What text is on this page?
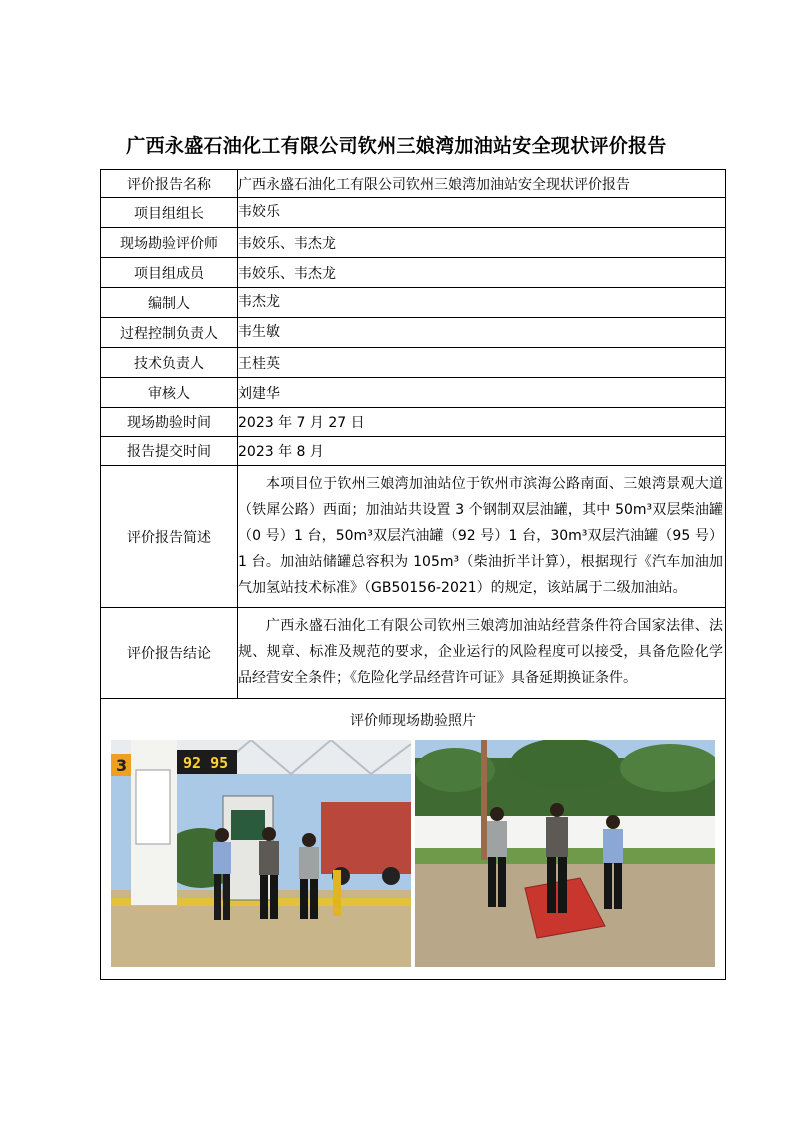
广西永盛石油化工有限公司钦州三娘湾加油站安全现状评价报告
评价报告名称	广西永盛石油化工有限公司钦州三娘湾加油站安全现状评价报告
项目组组长	韦姣乐
现场勘验评价师	韦姣乐、韦杰龙
项目组成员	韦姣乐、韦杰龙
编制人	韦杰龙
过程控制负责人	韦生敏
技术负责人	王桂英
审核人	刘建华
现场勘验时间	2023 年 7 月 27 日
报告提交时间	2023 年 8 月
评价报告简述	本项目位于钦州三娘湾加油站位于钦州市滨海公路南面、三娘湾景观大道（铁犀公路）西面；加油站共设置 3 个钢制双层油罐，其中 50m³双层柴油罐（0 号）1 台，50m³双层汽油罐（92 号）1 台，30m³双层汽油罐（95 号）1 台。加油站储罐总容积为 105m³（柴油折半计算），根据现行《汽车加油加气加氢站技术标准》（GB50156-2021）的规定，该站属于二级加油站。

评价报告结论	广西永盛石油化工有限公司钦州三娘湾加油站经营条件符合国家法律、法规、规章、标准及规范的要求，企业运行的风险程度可以接受，具备危险化学品经营安全条件；《危险化学品经营许可证》具备延期换证条件。

评价师现场勘验照片
3 92 95	
